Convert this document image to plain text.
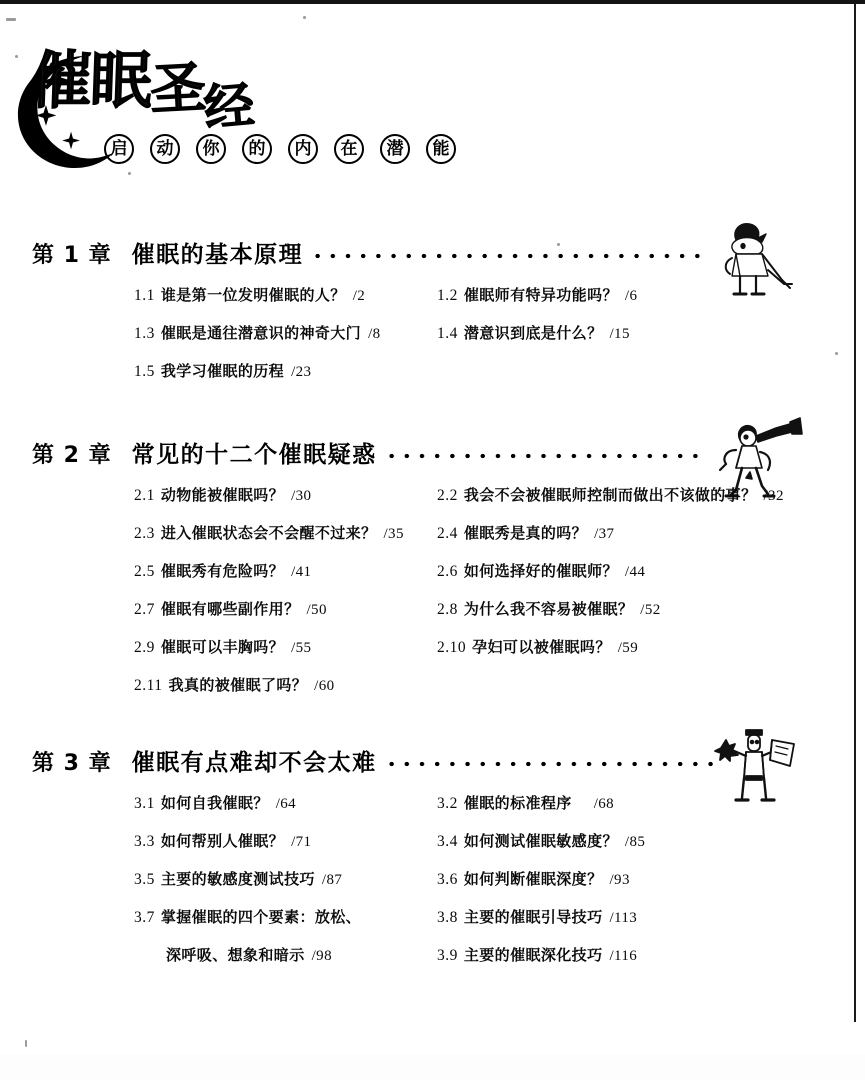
催眠圣经
启	动	你	的	内	在	潜	能
第 1 章 催眠的基本原理
1.1 谁是第一位发明催眠的人？ /2	1.2 催眠师有特异功能吗？ /6
1.3 催眠是通往潜意识的神奇大门 /8	1.4 潜意识到底是什么？ /15
1.5 我学习催眠的历程 /23
第 2 章 常见的十二个催眠疑惑
2.1 动物能被催眠吗？ /30	2.2 我会不会被催眠师控制而做出不该做的事？ /32
2.3 进入催眠状态会不会醒不过来？ /35 2.4 催眠秀是真的吗？ /37
2.5 催眠秀有危险吗？ /41	2.6 如何选择好的催眠师？ /44
2.7 催眠有哪些副作用？ /50	2.8 为什么我不容易被催眠？ /52
2.9 催眠可以丰胸吗？ /55	2.10 孕妇可以被催眠吗？ /59
2.11 我真的被催眠了吗？ /60
第 3 章 催眠有点难却不会太难
3.1 如何自我催眠？ /64	3.2 催眠的标准程序 /68
3.3 如何帮别人催眠？ /71	3.4 如何测试催眠敏感度？ /85
3.5 主要的敏感度测试技巧 /87	3.6 如何判断催眠深度？ /93
3.7 掌握催眠的四个要素：放松、	3.8 主要的催眠引导技巧 /113
深呼吸、想象和暗示 /98	3.9 主要的催眠深化技巧 /116
